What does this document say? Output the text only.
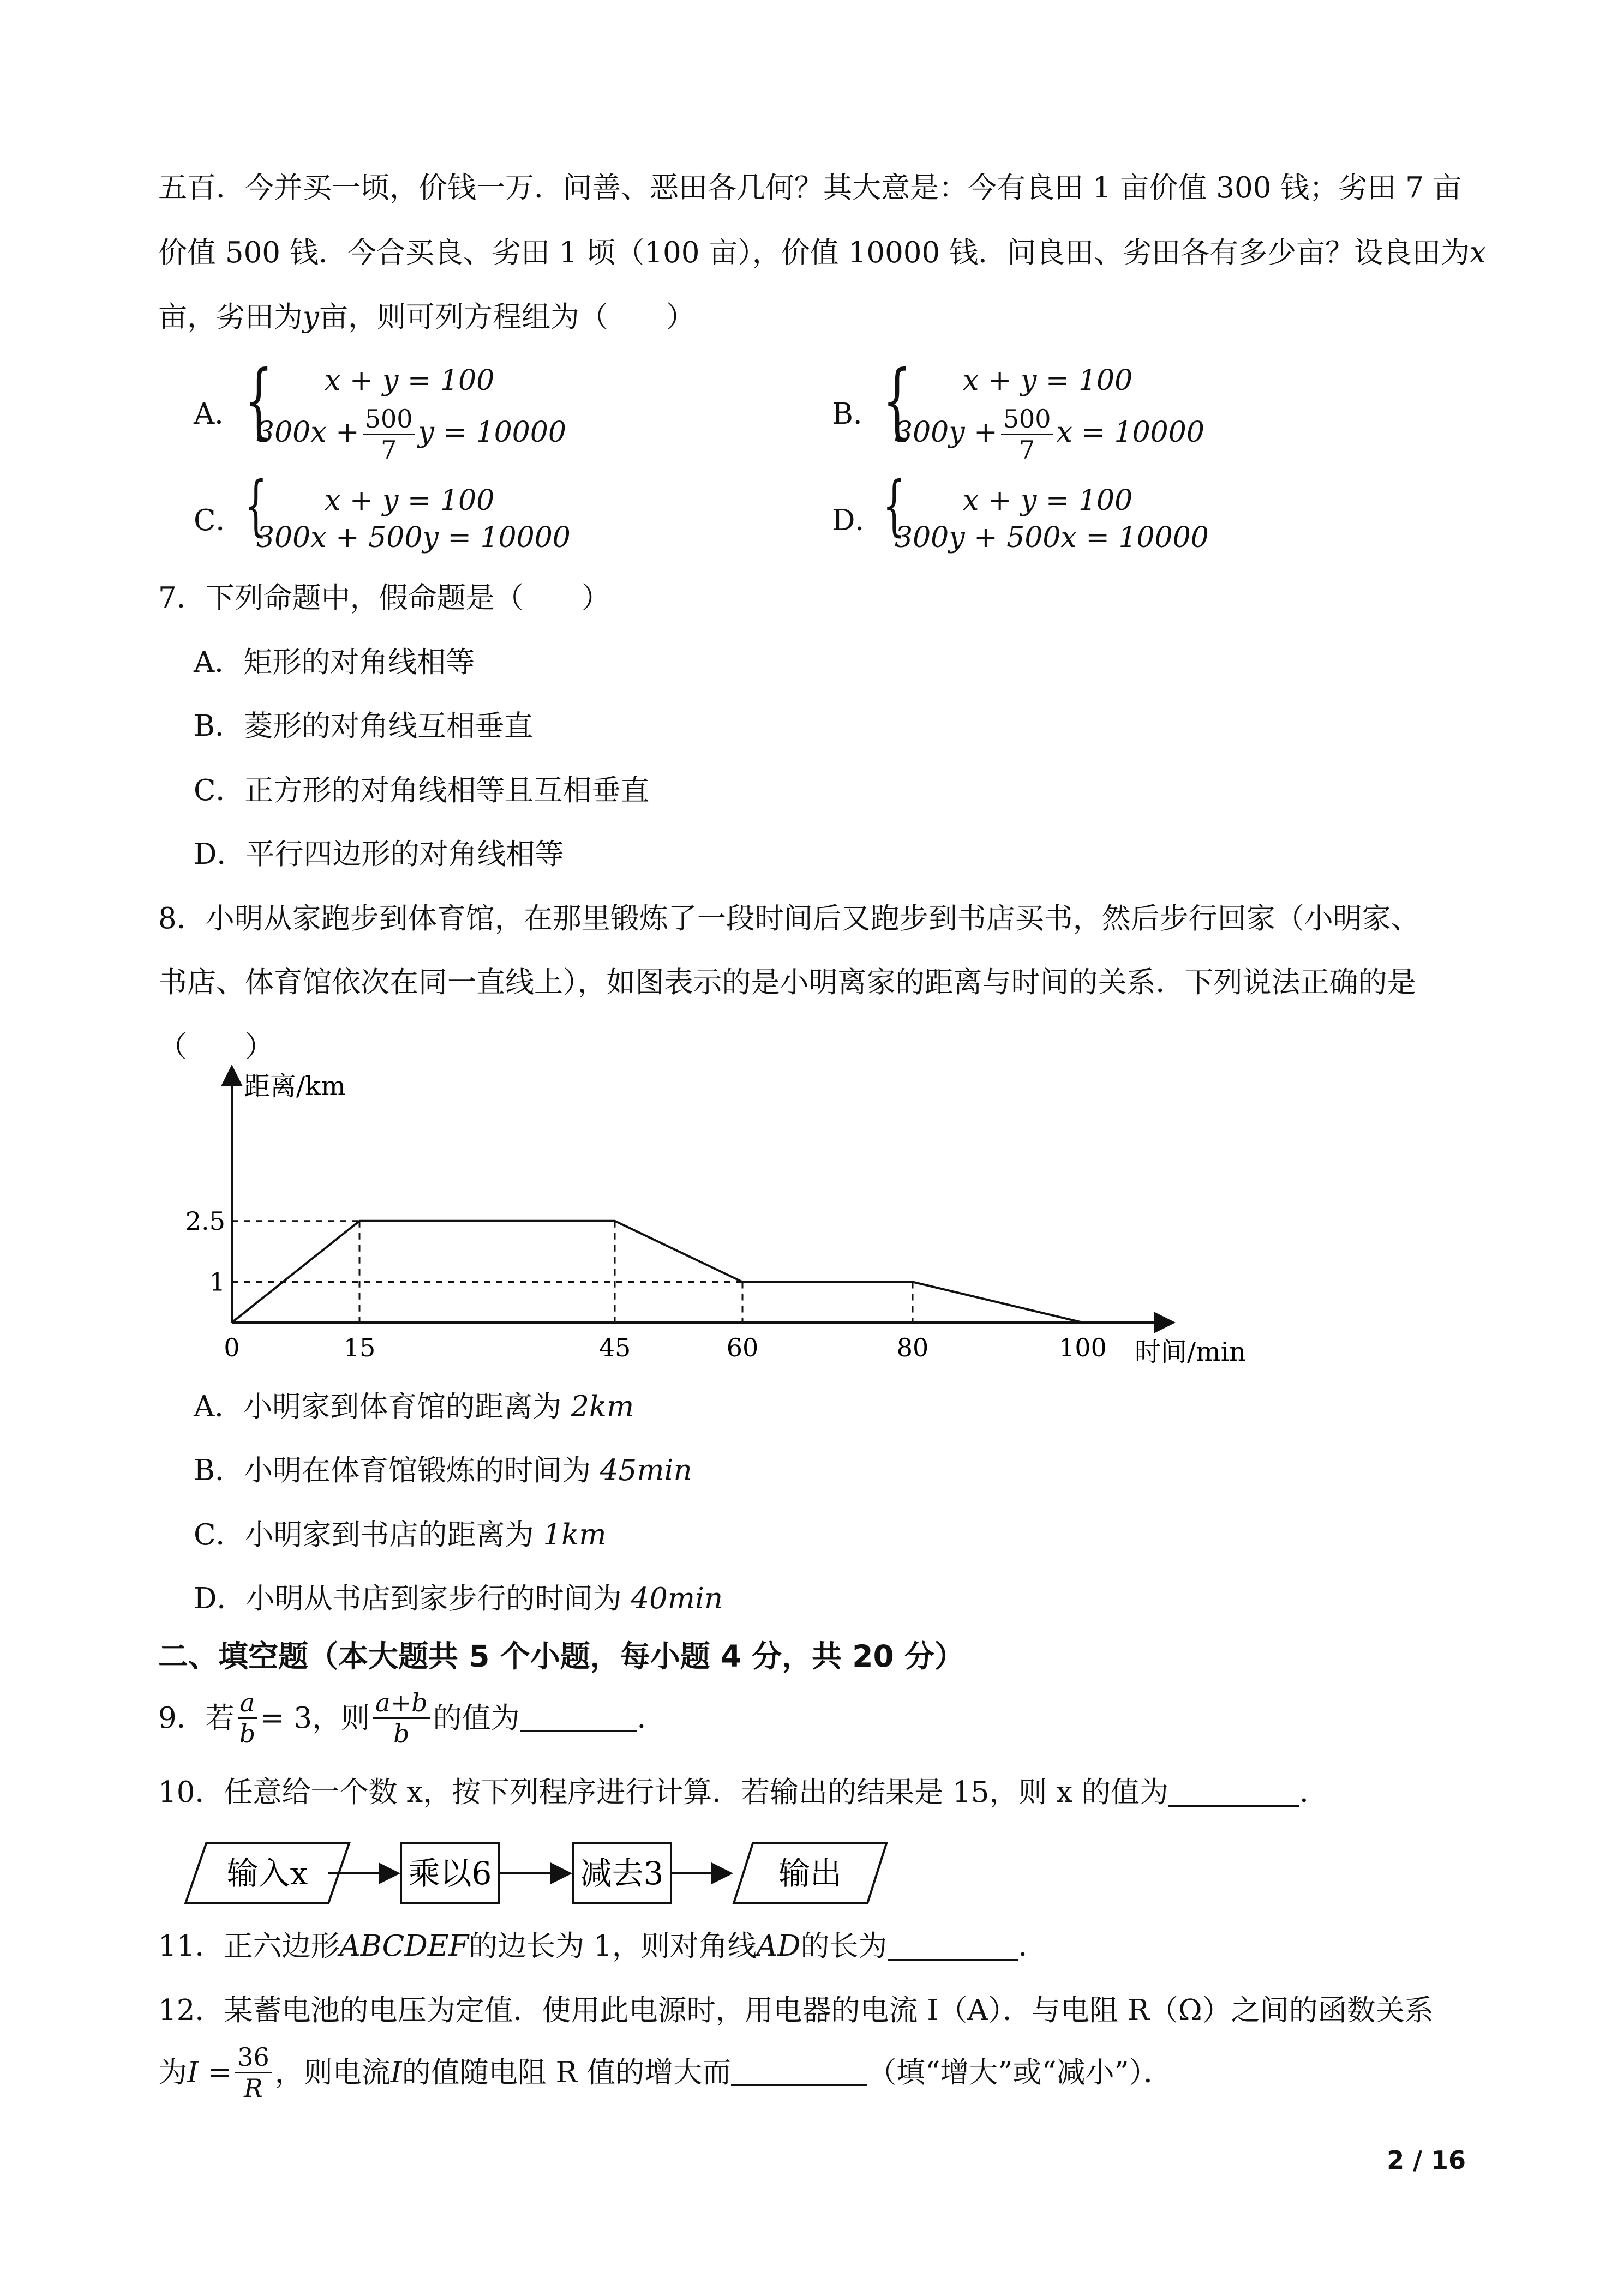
五百．今并买一顷，价钱一万．问善、恶田各几何？其大意是：今有良田 1 亩价值 300 钱；劣田 7 亩
价值 500 钱．今合买良、劣田 1 顷（100 亩），价值 10000 钱．问良田、劣田各有多少亩？设良田为x
亩，劣田为y亩，则可列方程组为（　　）
A． { x + y = 100
$300x + \frac{500}{7}$ y = 10000
B． { x + y = 100
$300y + \frac{500}{7}$ x = 10000
C． { x + y = 100
300x + 500y = 10000
D．
{ x + y = 100
300y + 500x = 10000
7．下列命题中，假命题是（　　）
A．矩形的对角线相等
B．菱形的对角线互相垂直
C．正方形的对角线相等且互相垂直
D．平行四边形的对角线相等
8．小明从家跑步到体育馆，在那里锻炼了一段时间后又跑步到书店买书，然后步行回家（小明家、
书店、体育馆依次在同一直线上），如图表示的是小明离家的距离与时间的关系．下列说法正确的是
（　　）
0	15	45	60	80	100
1
2.5
距离/km
时间/min
A．小明家到体育馆的距离为 2km
B．小明在体育馆锻炼的时间为 45min
C．小明家到书店的距离为 1km
D．小明从书店到家步行的时间为 40min
二、填空题（本大题共 5 个小题，每小题 4 分，共 20 分）
9．若 $\frac{a}{b} = 3$，则 $\frac{a+b}{b}$ 的值为	．
10．任意给一个数 x，按下列程序进行计算．若输出的结果是 15，则 x 的值为	．
输入x	乘以6	减去3	输出
11．正六边形ABCDEF的边长为 1，则对角线AD的长为	．
12．某蓄电池的电压为定值．使用此电源时，用电器的电流 I（A）．与电阻 R（Ω）之间的函数关系
为 $I = \frac{36}{R}$ ，则电流 I 的值随电阻 R 值的增大而	（填“增大”或“减小”）．
2 / 16
